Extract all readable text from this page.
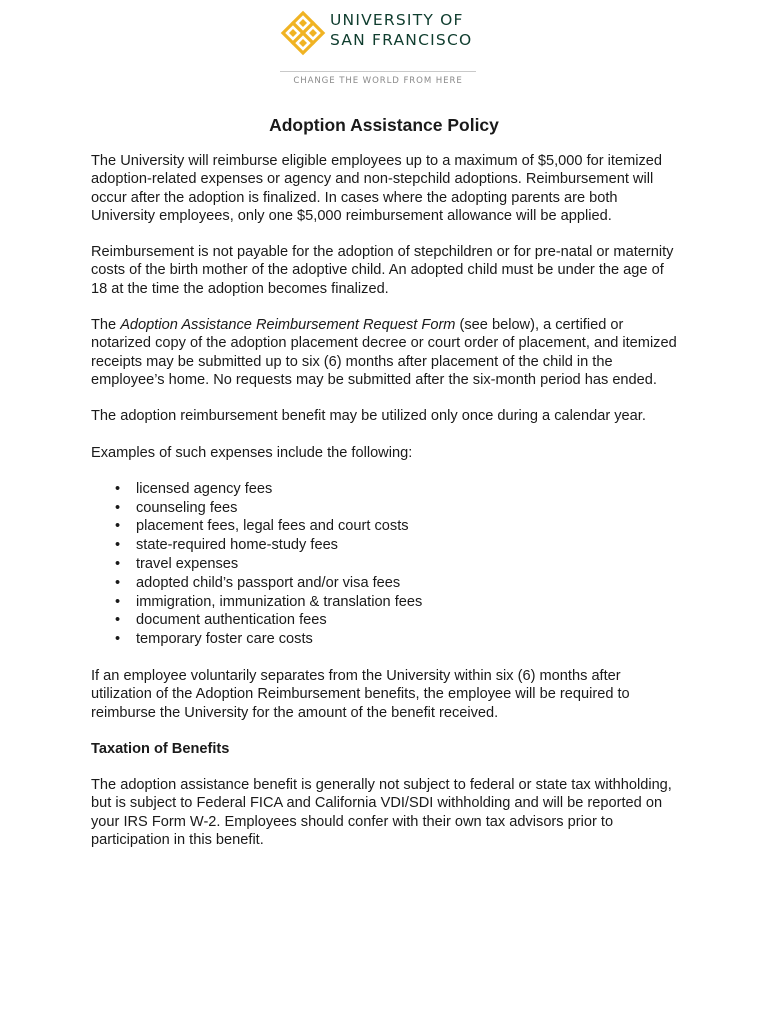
UNIVERSITY OF
SAN FRANCISCO
CHANGE THE WORLD FROM HERE
Adoption Assistance Policy

The University will reimburse eligible employees up to a maximum of $5,000 for itemized adoption-related expenses or agency and non-stepchild adoptions. Reimbursement will occur after the adoption is finalized. In cases where the adopting parents are both University employees, only one $5,000 reimbursement allowance will be applied.

Reimbursement is not payable for the adoption of stepchildren or for pre-natal or maternity costs of the birth mother of the adoptive child. An adopted child must be under the age of 18 at the time the adoption becomes finalized.

The Adoption Assistance Reimbursement Request Form (see below), a certified or notarized copy of the adoption placement decree or court order of placement, and itemized receipts may be submitted up to six (6) months after placement of the child in the employee’s home. No requests may be submitted after the six-month period has ended.

The adoption reimbursement benefit may be utilized only once during a calendar year.

Examples of such expenses include the following:

• licensed agency fees
• counseling fees
• placement fees, legal fees and court costs
• state-required home-study fees
• travel expenses
• adopted child’s passport and/or visa fees
• immigration, immunization & translation fees
• document authentication fees
• temporary foster care costs

If an employee voluntarily separates from the University within six (6) months after utilization of the Adoption Reimbursement benefits, the employee will be required to reimburse the University for the amount of the benefit received.

Taxation of Benefits

The adoption assistance benefit is generally not subject to federal or state tax withholding, but is subject to Federal FICA and California VDI/SDI withholding and will be reported on your IRS Form W-2. Employees should confer with their own tax advisors prior to participation in this benefit.
